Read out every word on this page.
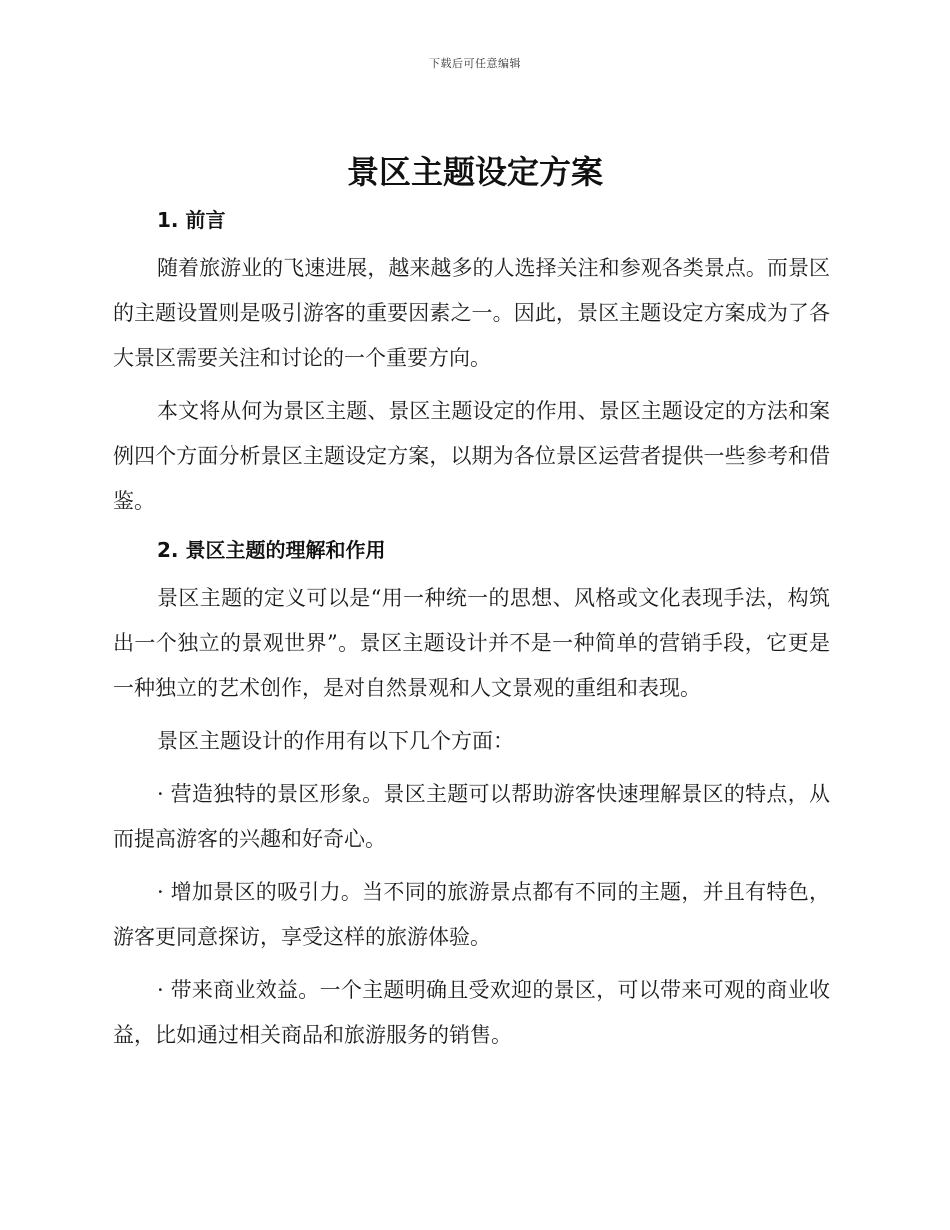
下载后可任意编辑
景区主题设定方案
1. 前言

随着旅游业的飞速进展，越来越多的人选择关注和参观各类景点。而景区的主题设置则是吸引游客的重要因素之一。因此，景区主题设定方案成为了各大景区需要关注和讨论的一个重要方向。

本文将从何为景区主题、景区主题设定的作用、景区主题设定的方法和案例四个方面分析景区主题设定方案，以期为各位景区运营者提供一些参考和借鉴。

2. 景区主题的理解和作用

景区主题的定义可以是“用一种统一的思想、风格或文化表现手法，构筑出一个独立的景观世界”。景区主题设计并不是一种简单的营销手段，它更是一种独立的艺术创作，是对自然景观和人文景观的重组和表现。

景区主题设计的作用有以下几个方面：

· 营造独特的景区形象。景区主题可以帮助游客快速理解景区的特点，从而提高游客的兴趣和好奇心。

· 增加景区的吸引力。当不同的旅游景点都有不同的主题，并且有特色，游客更同意探访，享受这样的旅游体验。

· 带来商业效益。一个主题明确且受欢迎的景区，可以带来可观的商业收益，比如通过相关商品和旅游服务的销售。
